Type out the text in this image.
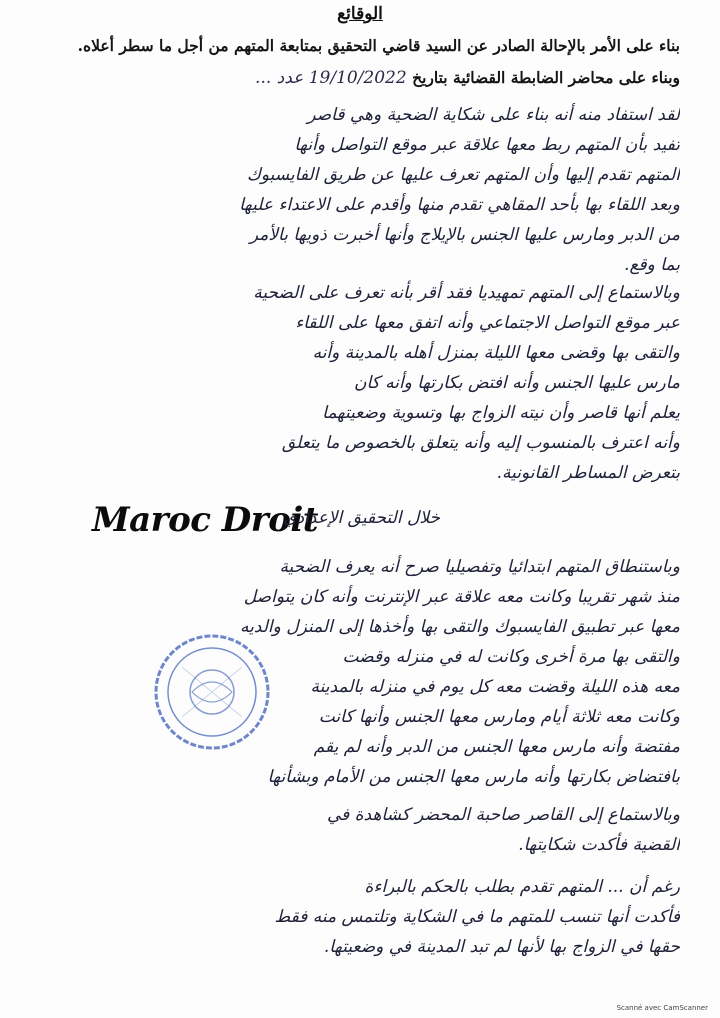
الوقائع
بناء على الأمر بالإحالة الصادر عن السيد قاضي التحقيق بمتابعة المتهم من أجل ما سطر أعلاه.
وبناء على محاضر الضابطة القضائية بتاريخ 19/10/2022 عدد ...
لقد استفاد منه أنه بناء على شكاية الضحية وهي قاصر
تفيد بأن المتهم ربط معها علاقة عبر موقع التواصل وأنها
المتهم تقدم إليها وأن المتهم تعرف عليها عن طريق الفايسبوك
وبعد اللقاء بها بأحد المقاهي تقدم منها وأقدم على الاعتداء عليها
من الدبر ومارس عليها الجنس بالإيلاج وأنها أخبرت ذويها بالأمر
بما وقع.
وبالاستماع إلى المتهم تمهيديا فقد أقر بأنه تعرف على الضحية
عبر موقع التواصل الاجتماعي وأنه اتفق معها على اللقاء
والتقى بها وقضى معها الليلة بمنزل أهله بالمدينة وأنه
مارس عليها الجنس وأنه افتض بكارتها وأنه كان
يعلم أنها قاصر وأن نيته الزواج بها وتسوية وضعيتهما
وأنه اعترف بالمنسوب إليه وأنه يتعلق بالخصوص ما يتعلق
بتعرض المساطر القانونية.
Maroc Droit
خلال التحقيق الإعدادي
وباستنطاق المتهم ابتدائيا وتفصيليا صرح أنه يعرف الضحية
منذ شهر تقريبا وكانت معه علاقة عبر الإنترنت وأنه كان يتواصل
معها عبر تطبيق الفايسبوك والتقى بها وأخذها إلى المنزل والديه
والتقى بها مرة أخرى وكانت له في منزله وقضت
معه هذه الليلة وقضت معه كل يوم في منزله بالمدينة
وكانت معه ثلاثة أيام ومارس معها الجنس وأنها كانت
مفتضة وأنه مارس معها الجنس من الدبر وأنه لم يقم
بافتضاض بكارتها وأنه مارس معها الجنس من الأمام وبشأنها
وبالاستماع إلى القاصر صاحبة المحضر كشاهدة في
القضية فأكدت شكايتها.
رغم أن ... المتهم تقدم بطلب بالحكم بالبراءة
فأكدت أنها تنسب للمتهم ما في الشكاية وتلتمس منه فقط
حقها في الزواج بها لأنها لم تبد المدينة في وضعيتها.
Scanné avec CamScanner
